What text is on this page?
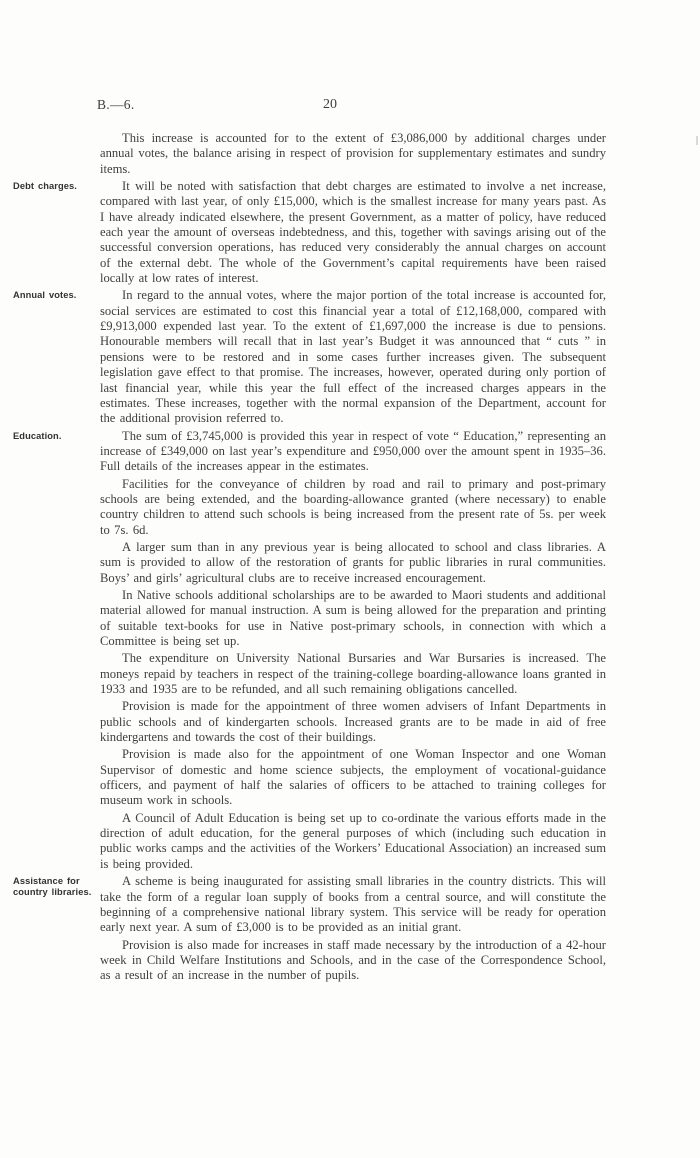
B.—6.	20

This increase is accounted for to the extent of £3,086,000 by additional charges under annual votes, the balance arising in respect of provision for supplementary estimates and sundry items.

Debt charges.	It will be noted with satisfaction that debt charges are estimated to involve a net increase, compared with last year, of only £15,000, which is the smallest increase for many years past. As I have already indicated elsewhere, the present Government, as a matter of policy, have reduced each year the amount of overseas indebtedness, and this, together with savings arising out of the successful conversion operations, has reduced very considerably the annual charges on account of the external debt. The whole of the Government’s capital requirements have been raised locally at low rates of interest.

Annual votes.	In regard to the annual votes, where the major portion of the total increase is accounted for, social services are estimated to cost this financial year a total of £12,168,000, compared with £9,913,000 expended last year. To the extent of £1,697,000 the increase is due to pensions. Honourable members will recall that in last year’s Budget it was announced that “ cuts ” in pensions were to be restored and in some cases further increases given. The subsequent legislation gave effect to that promise. The increases, however, operated during only portion of last financial year, while this year the full effect of the increased charges appears in the estimates. These increases, together with the normal expansion of the Department, account for the additional provision referred to.

Education.	The sum of £3,745,000 is provided this year in respect of vote “ Education,” representing an increase of £349,000 on last year’s expenditure and £950,000 over the amount spent in 1935–36. Full details of the increases appear in the estimates.

Facilities for the conveyance of children by road and rail to primary and post-primary schools are being extended, and the boarding-allowance granted (where necessary) to enable country children to attend such schools is being increased from the present rate of 5s. per week to 7s. 6d.

A larger sum than in any previous year is being allocated to school and class libraries. A sum is provided to allow of the restoration of grants for public libraries in rural communities. Boys’ and girls’ agricultural clubs are to receive increased encouragement.

In Native schools additional scholarships are to be awarded to Maori students and additional material allowed for manual instruction. A sum is being allowed for the preparation and printing of suitable text-books for use in Native post-primary schools, in connection with which a Committee is being set up.

The expenditure on University National Bursaries and War Bursaries is increased. The moneys repaid by teachers in respect of the training-college boarding-allowance loans granted in 1933 and 1935 are to be refunded, and all such remaining obligations cancelled.

Provision is made for the appointment of three women advisers of Infant Departments in public schools and of kindergarten schools. Increased grants are to be made in aid of free kindergartens and towards the cost of their buildings.

Provision is made also for the appointment of one Woman Inspector and one Woman Supervisor of domestic and home science subjects, the employment of vocational-guidance officers, and payment of half the salaries of officers to be attached to training colleges for museum work in schools.

A Council of Adult Education is being set up to co-ordinate the various efforts made in the direction of adult education, for the general purposes of which (including such education in public works camps and the activities of the Workers’ Educational Association) an increased sum is being provided.

Assistance for country libraries.
A scheme is being inaugurated for assisting small libraries in the country districts. This will take the form of a regular loan supply of books from a central source, and will constitute the beginning of a comprehensive national library system. This service will be ready for operation early next year. A sum of £3,000 is to be provided as an initial grant.

Provision is also made for increases in staff made necessary by the introduction of a 42-hour week in Child Welfare Institutions and Schools, and in the case of the Correspondence School, as a result of an increase in the number of pupils.
